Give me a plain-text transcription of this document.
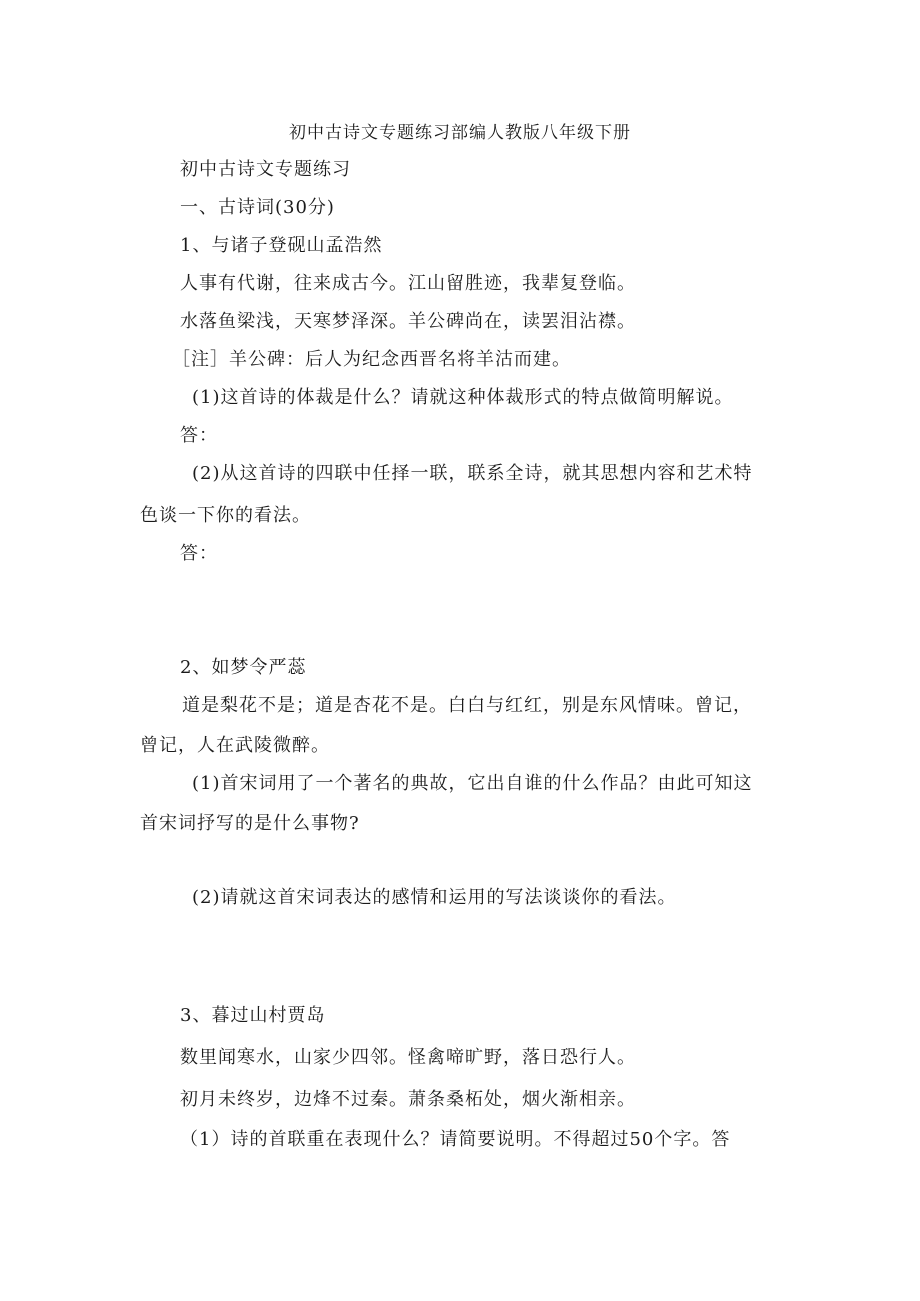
初中古诗文专题练习部编人教版八年级下册
初中古诗文专题练习
一、古诗词(30分)
1、与诸子登砚山孟浩然
人事有代谢，往来成古今。江山留胜迹，我辈复登临。
水落鱼梁浅，天寒梦泽深。羊公碑尚在，读罢泪沾襟。
［注］羊公碑：后人为纪念西晋名将羊沽而建。
(1)这首诗的体裁是什么？请就这种体裁形式的特点做简明解说。
答：
(2)从这首诗的四联中任择一联，联系全诗，就其思想内容和艺术特
色谈一下你的看法。
答：
2、如梦令严蕊
道是梨花不是；道是杏花不是。白白与红红，别是东风情味。曾记，
曾记，人在武陵微醉。
(1)首宋词用了一个著名的典故，它出自谁的什么作品？由此可知这
首宋词抒写的是什么事物?
(2)请就这首宋词表达的感情和运用的写法谈谈你的看法。
3、暮过山村贾岛
数里闻寒水，山家少四邻。怪禽啼旷野，落日恐行人。
初月未终岁，边烽不过秦。萧条桑柘处，烟火渐相亲。
（1）诗的首联重在表现什么？请简要说明。不得超过50个字。答
